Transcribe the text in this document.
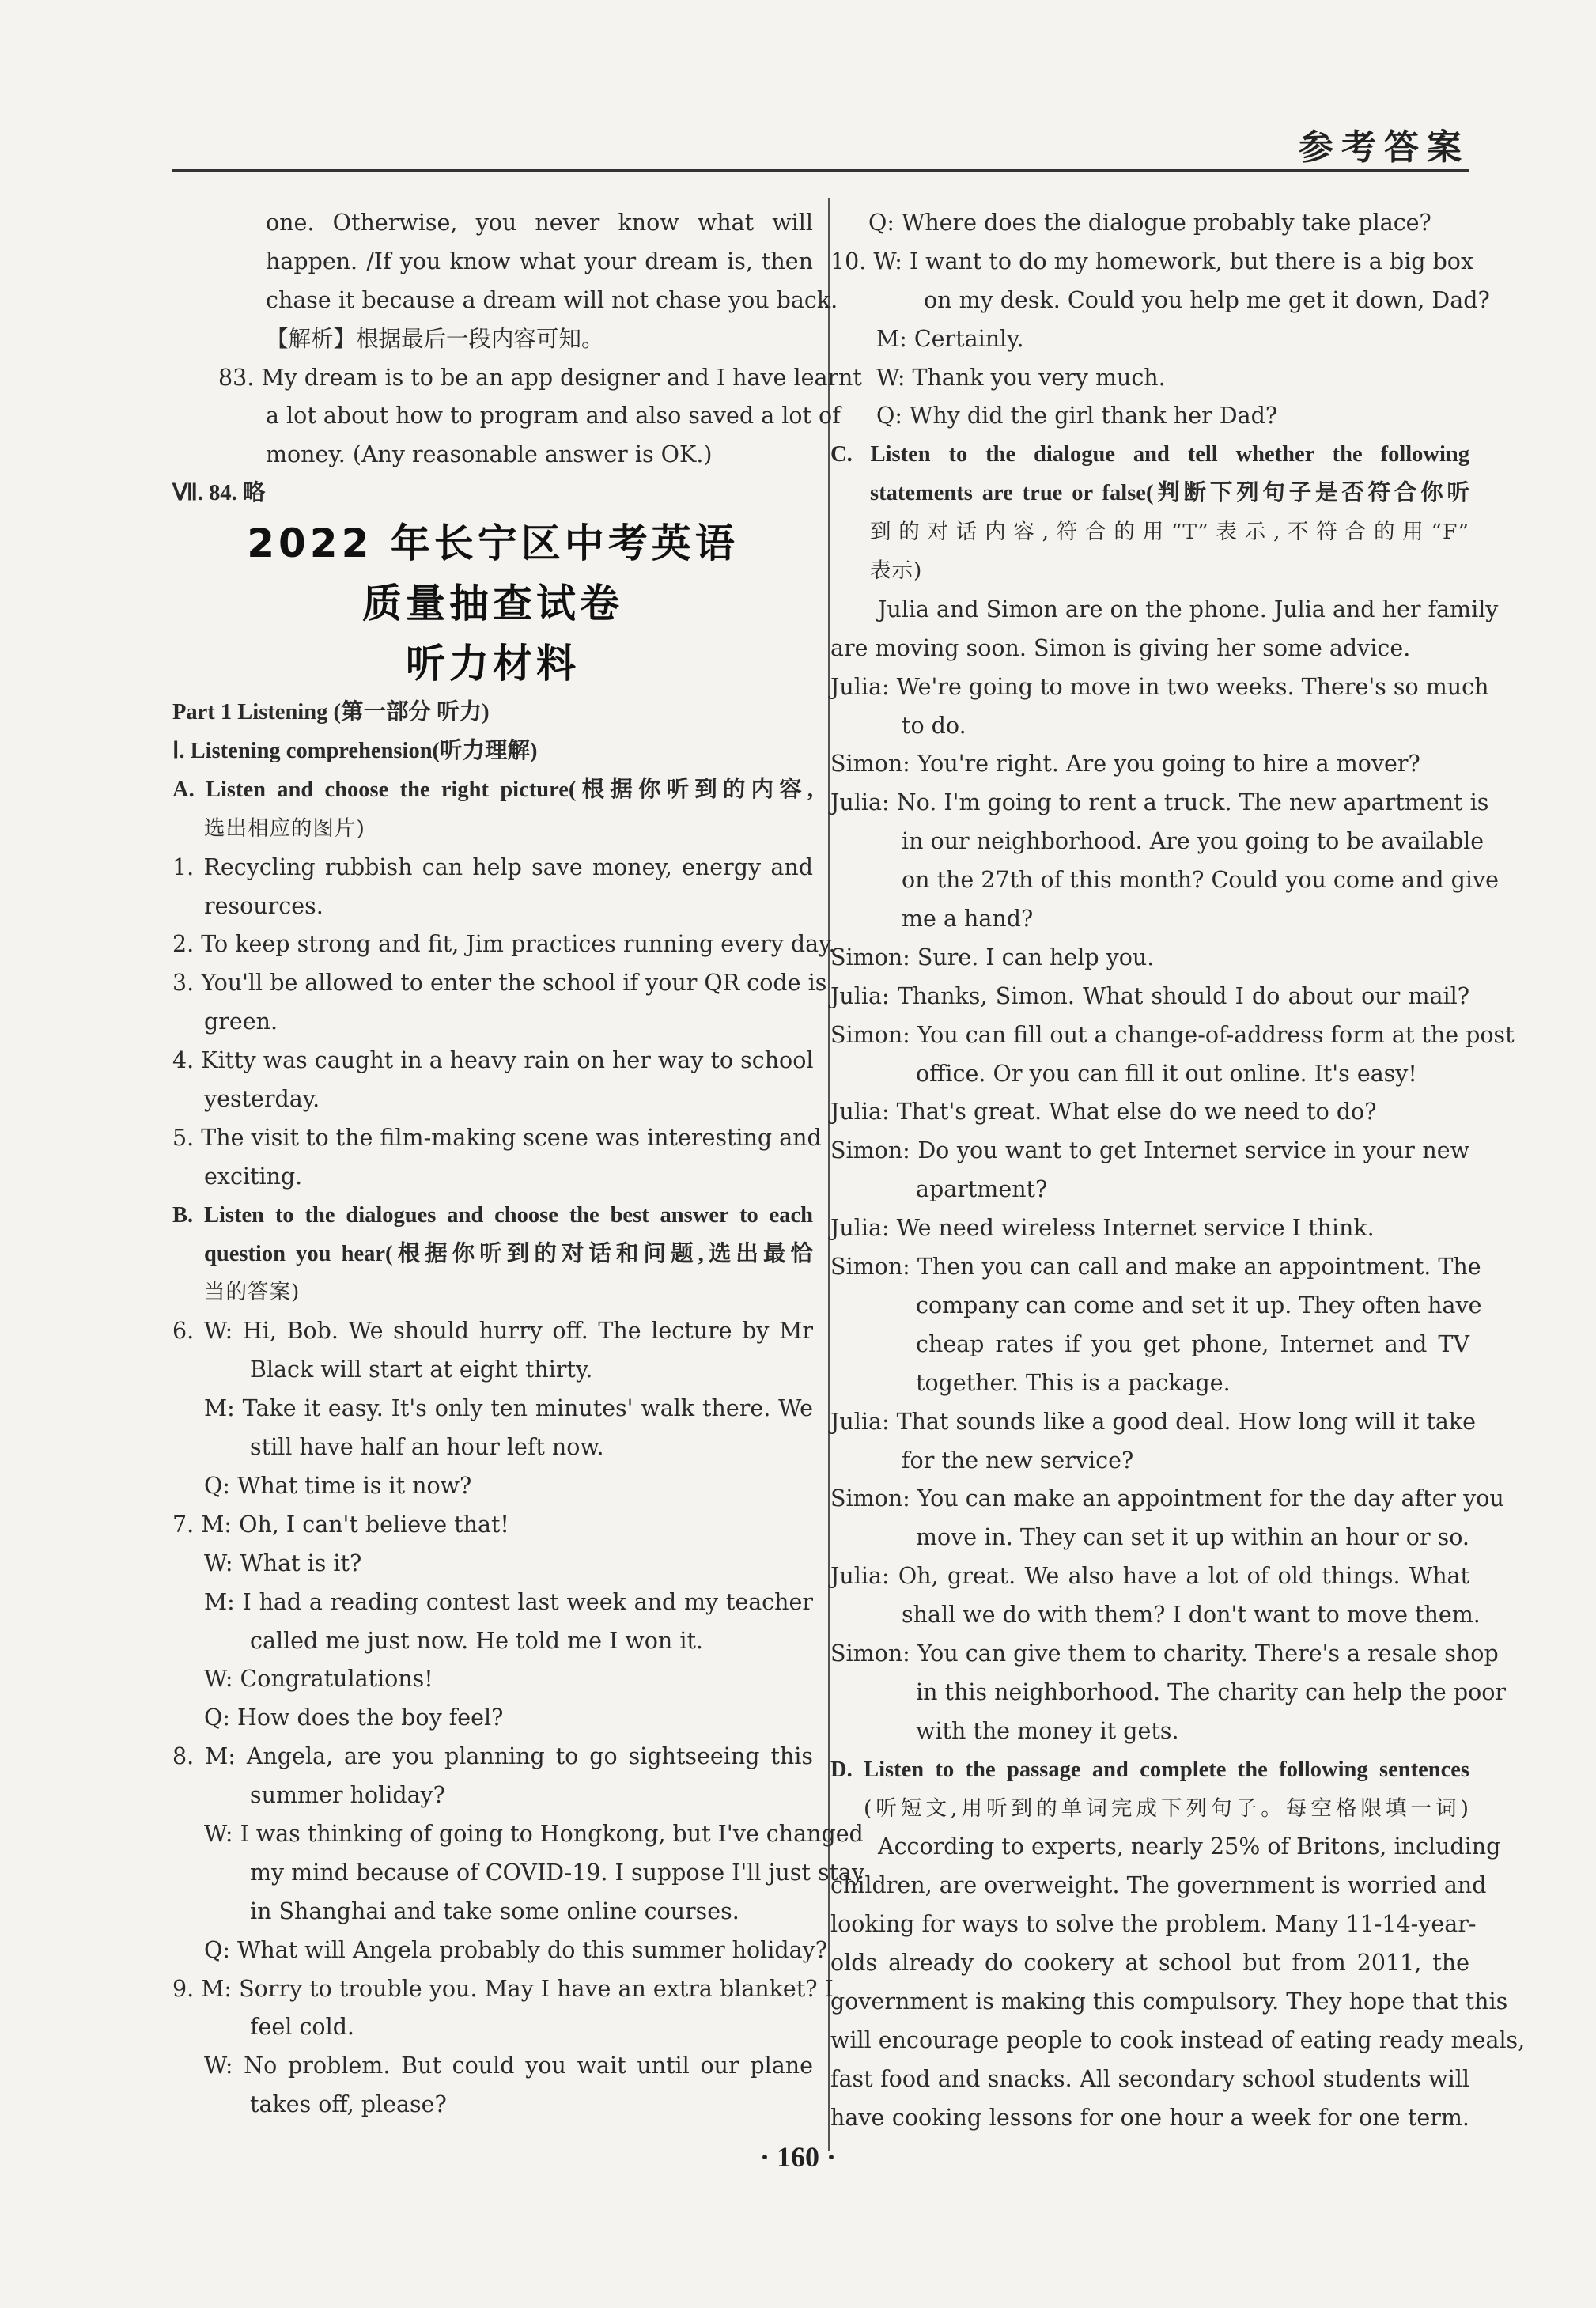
参考答案
one. Otherwise, you never know what will
happen. /If you know what your dream is, then
chase it because a dream will not chase you back.
【解析】根据最后一段内容可知。
83. My dream is to be an app designer and I have learnt
a lot about how to program and also saved a lot of
money. (Any reasonable answer is OK.)
Ⅶ. 84. 略
2022 年长宁区中考英语
质量抽查试卷
听力材料
Part 1 Listening (第一部分 听力)
Ⅰ. Listening comprehension(听力理解)
A. Listen and choose the right picture(根据你听到的内容,
选出相应的图片)
1. Recycling rubbish can help save money, energy and
resources.
2. To keep strong and fit, Jim practices running every day.
3. You'll be allowed to enter the school if your QR code is
green.
4. Kitty was caught in a heavy rain on her way to school
yesterday.
5. The visit to the film-making scene was interesting and
exciting.
B. Listen to the dialogues and choose the best answer to each
question you hear(根据你听到的对话和问题,选出最恰
当的答案)
6. W: Hi, Bob. We should hurry off. The lecture by Mr
Black will start at eight thirty.
M: Take it easy. It's only ten minutes' walk there. We
still have half an hour left now.
Q: What time is it now?
7. M: Oh, I can't believe that!
W: What is it?
M: I had a reading contest last week and my teacher
called me just now. He told me I won it.
W: Congratulations!
Q: How does the boy feel?
8. M: Angela, are you planning to go sightseeing this
summer holiday?
W: I was thinking of going to Hongkong, but I've changed
my mind because of COVID-19. I suppose I'll just stay
in Shanghai and take some online courses.
Q: What will Angela probably do this summer holiday?
9. M: Sorry to trouble you. May I have an extra blanket? I
feel cold.
W: No problem. But could you wait until our plane
takes off, please?
Q: Where does the dialogue probably take place?
10. W: I want to do my homework, but there is a big box
on my desk. Could you help me get it down, Dad?
M: Certainly.
W: Thank you very much.
Q: Why did the girl thank her Dad?
C. Listen to the dialogue and tell whether the following
statements are true or false(判断下列句子是否符合你听
到的对话内容,符合的用“T”表示,不符合的用“F”
表示)
Julia and Simon are on the phone. Julia and her family
are moving soon. Simon is giving her some advice.
Julia: We're going to move in two weeks. There's so much
to do.
Simon: You're right. Are you going to hire a mover?
Julia: No. I'm going to rent a truck. The new apartment is
in our neighborhood. Are you going to be available
on the 27th of this month? Could you come and give
me a hand?
Simon: Sure. I can help you.
Julia: Thanks, Simon. What should I do about our mail?
Simon: You can fill out a change-of-address form at the post
office. Or you can fill it out online. It's easy!
Julia: That's great. What else do we need to do?
Simon: Do you want to get Internet service in your new
apartment?
Julia: We need wireless Internet service I think.
Simon: Then you can call and make an appointment. The
company can come and set it up. They often have
cheap rates if you get phone, Internet and TV
together. This is a package.
Julia: That sounds like a good deal. How long will it take
for the new service?
Simon: You can make an appointment for the day after you
move in. They can set it up within an hour or so.
Julia: Oh, great. We also have a lot of old things. What
shall we do with them? I don't want to move them.
Simon: You can give them to charity. There's a resale shop
in this neighborhood. The charity can help the poor
with the money it gets.
D. Listen to the passage and complete the following sentences
(听短文,用听到的单词完成下列句子。每空格限填一词)
According to experts, nearly 25% of Britons, including
children, are overweight. The government is worried and
looking for ways to solve the problem. Many 11-14-year-
olds already do cookery at school but from 2011, the
government is making this compulsory. They hope that this
will encourage people to cook instead of eating ready meals,
fast food and snacks. All secondary school students will
have cooking lessons for one hour a week for one term.
· 160 ·
